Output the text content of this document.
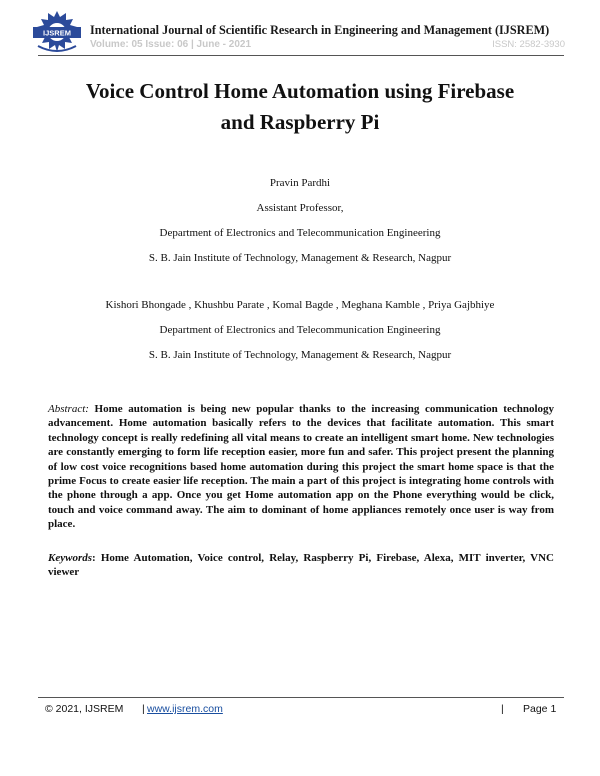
IJSREM International Journal of Scientific Research in Engineering and Management (IJSREM)
Volume: 05 Issue: 06 | June - 2021	ISSN: 2582-3930
Voice Control Home Automation using Firebase
and Raspberry Pi
Pravin Pardhi
Assistant Professor,
Department of Electronics and Telecommunication Engineering
S. B. Jain Institute of Technology, Management & Research, Nagpur
Kishori Bhongade , Khushbu Parate , Komal Bagde , Meghana Kamble , Priya Gajbhiye
Department of Electronics and Telecommunication Engineering
S. B. Jain Institute of Technology, Management & Research, Nagpur

Abstract: Home automation is being new popular thanks to the increasing communication technology advancement. Home automation basically refers to the devices that facilitate automation. This smart technology concept is really redefining all vital means to create an intelligent smart home. New technologies are constantly emerging to form life reception easier, more fun and safer. This project present the planning of low cost voice recognitions based home automation during this project the smart home space is that the prime Focus to create easier life reception. The main a part of this project is integrating home controls with the phone through a app. Once you get Home automation app on the Phone everything would be click, touch and voice command away. The aim to dominant of home appliances remotely once user is way from place.

Keywords: Home Automation, Voice control, Relay, Raspberry Pi, Firebase, Alexa, MIT inverter, VNC viewer

© 2021, IJSREM | www.ijsrem.com	| Page 1
